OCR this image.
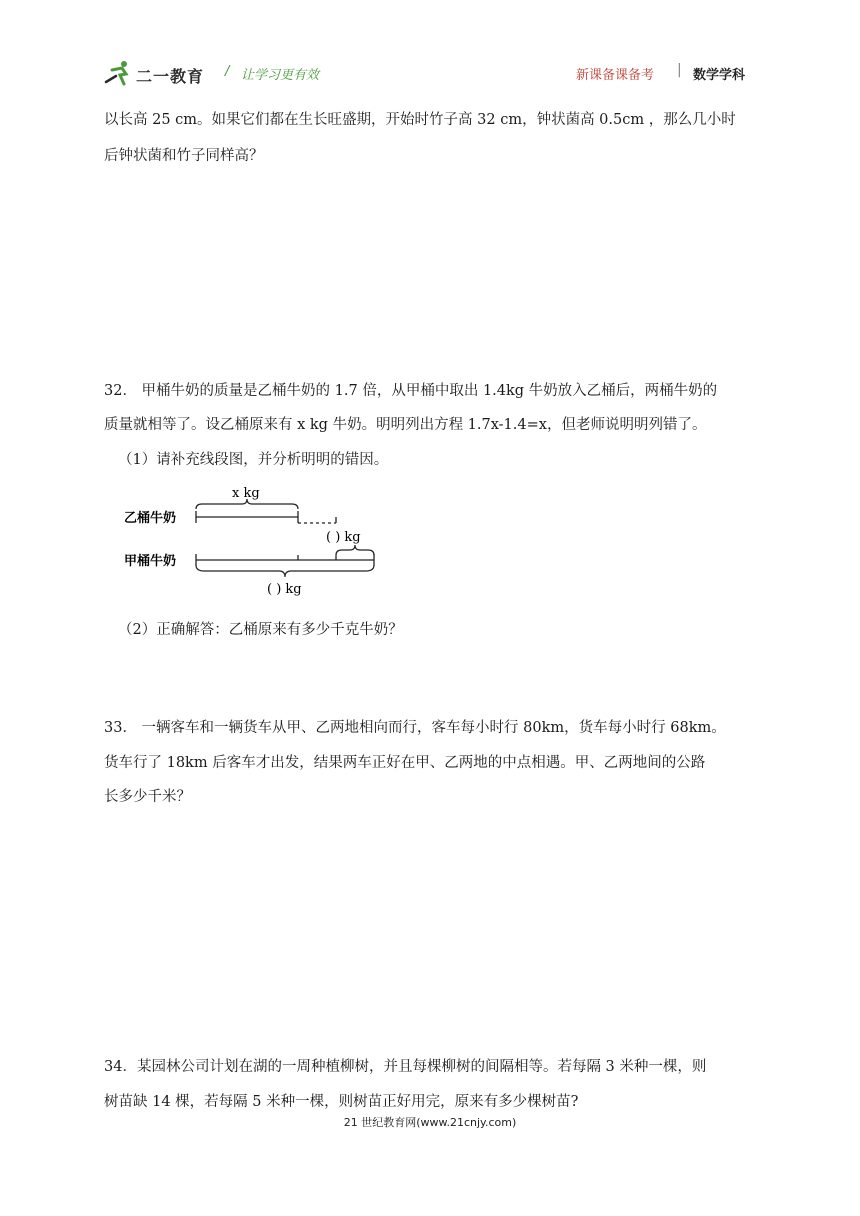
二一教育 / 让学习更有效	新课备课备考 | 数学学科
以长高 25 cm。如果它们都在生长旺盛期，开始时竹子高 32 cm，钟状菌高 0.5cm ，那么几小时
后钟状菌和竹子同样高？
32． 甲桶牛奶的质量是乙桶牛奶的 1.7 倍，从甲桶中取出 1.4kg 牛奶放入乙桶后，两桶牛奶的
质量就相等了。设乙桶原来有 x kg 牛奶。明明列出方程 1.7x-1.4=x，但老师说明明列错了。
（1）请补充线段图，并分析明明的错因。
乙桶牛奶
甲桶牛奶
x kg
( ) kg
( ) kg
（2）正确解答：乙桶原来有多少千克牛奶？
33． 一辆客车和一辆货车从甲、乙两地相向而行，客车每小时行 80km，货车每小时行 68km。
货车行了 18km 后客车才出发，结果两车正好在甲、乙两地的中点相遇。甲、乙两地间的公路
长多少千米？
34．某园林公司计划在湖的一周种植柳树，并且每棵柳树的间隔相等。若每隔 3 米种一棵，则
树苗缺 14 棵，若每隔 5 米种一棵，则树苗正好用完，原来有多少棵树苗?
21 世纪教育网(www.21cnjy.com)
